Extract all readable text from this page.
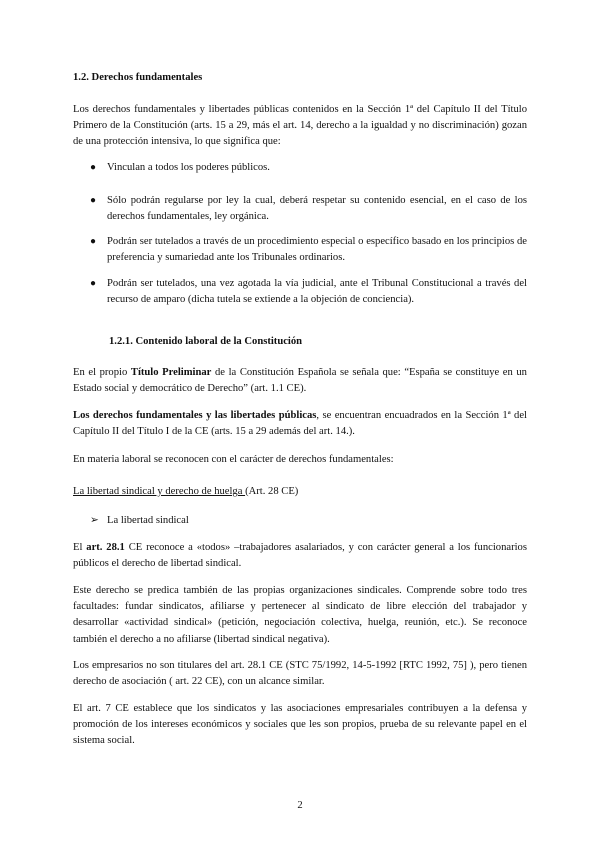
1.2. Derechos fundamentales

Los derechos fundamentales y libertades públicas contenidos en la Sección 1ª del Capítulo II del Título Primero de la Constitución (arts. 15 a 29, más el art. 14, derecho a la igualdad y no discriminación) gozan de una protección intensiva, lo que significa que:

●	Vinculan a todos los poderes públicos.
●	Sólo podrán regularse por ley la cual, deberá respetar su contenido esencial, en el caso de los derechos fundamentales, ley orgánica.
●	Podrán ser tutelados a través de un procedimiento especial o específico basado en los principios de preferencia y sumariedad ante los Tribunales ordinarios.
●	Podrán ser tutelados, una vez agotada la vía judicial, ante el Tribunal Constitucional a través del recurso de amparo (dicha tutela se extiende a la objeción de conciencia).

1.2.1. Contenido laboral de la Constitución

En el propio Título Preliminar de la Constitución Española se señala que: “España se constituye en un Estado social y democrático de Derecho” (art. 1.1 CE).

Los derechos fundamentales y las libertades públicas, se encuentran encuadrados en la Sección 1ª del Capítulo II del Título I de la CE (arts. 15 a 29 además del art. 14.).

En materia laboral se reconocen con el carácter de derechos fundamentales:

La libertad sindical y derecho de huelga (Art. 28 CE)

➢ La libertad sindical

El art. 28.1 CE reconoce a «todos» –trabajadores asalariados, y con carácter general a los funcionarios públicos el derecho de libertad sindical.

Este derecho se predica también de las propias organizaciones sindicales. Comprende sobre todo tres facultades: fundar sindicatos, afiliarse y pertenecer al sindicato de libre elección del trabajador y desarrollar «actividad sindical» (petición, negociación colectiva, huelga, reunión, etc.). Se reconoce también el derecho a no afiliarse (libertad sindical negativa).

Los empresarios no son titulares del art. 28.1 CE (STC 75/1992, 14-5-1992 [RTC 1992, 75] ), pero tienen derecho de asociación ( art. 22 CE), con un alcance similar.

El art. 7 CE establece que los sindicatos y las asociaciones empresariales contribuyen a la defensa y promoción de los intereses económicos y sociales que les son propios, prueba de su relevante papel en el sistema social.

2
